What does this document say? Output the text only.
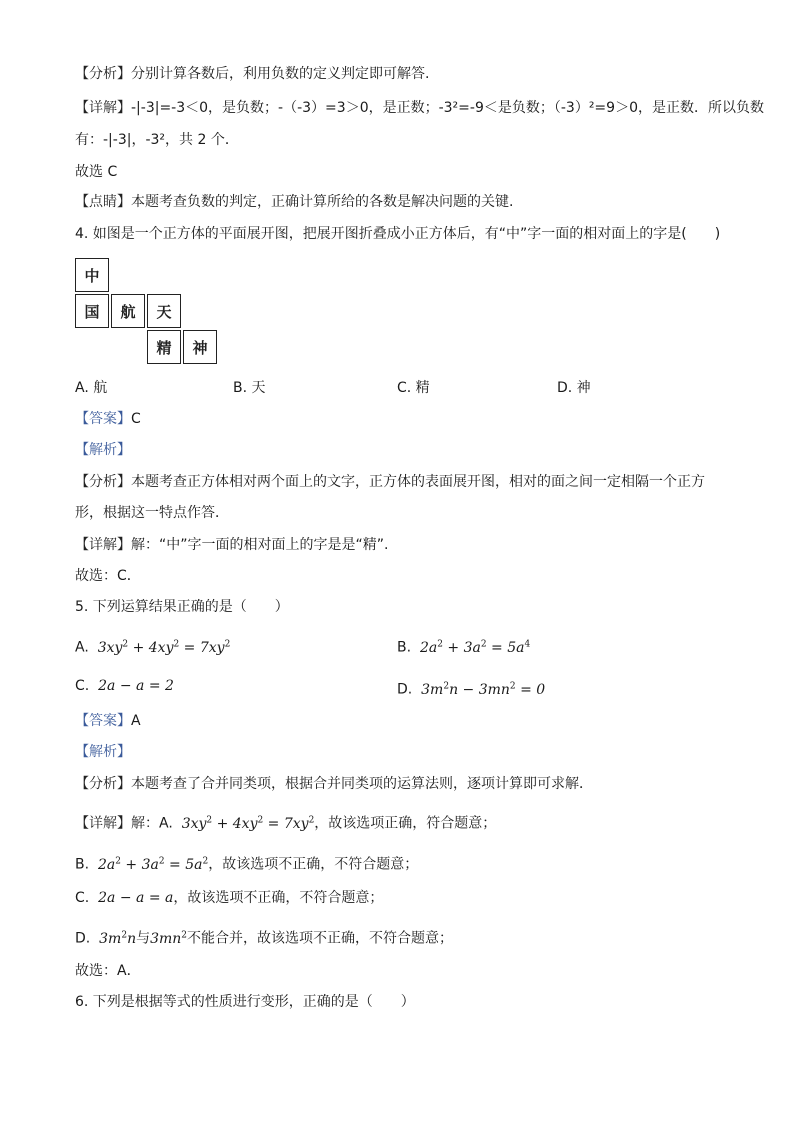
【分析】分别计算各数后，利用负数的定义判定即可解答.
【详解】-|-3|=-3＜0，是负数；-（-3）=3＞0，是正数；-3²=-9＜是负数；（-3）²=9＞0，是正数．所以负数
有：-|-3|，-3²，共 2 个．
故选 C
【点睛】本题考查负数的判定，正确计算所给的各数是解决问题的关键.
4. 如图是一个正方体的平面展开图，把展开图折叠成小正方体后，有“中”字一面的相对面上的字是(　　)
中
国	航	天
精	神
A. 航	B. 天	C. 精	D. 神
【答案】C
【解析】
【分析】本题考查正方体相对两个面上的文字，正方体的表面展开图，相对的面之间一定相隔一个正方
形，根据这一特点作答．
【详解】解：“中”字一面的相对面上的字是是“精”.
故选：C．
5. 下列运算结果正确的是（　　）
A. $3xy^2 + 4xy^2 = 7xy^2$	B. $2a^2 + 3a^2 = 5a^4$
C. 2a − a = 2	D. $3m^2n - 3mn^2 = 0$
【答案】A
【解析】
【分析】本题考查了合并同类项，根据合并同类项的运算法则，逐项计算即可求解．
【详解】解：A. $3xy^2 + 4xy^2 = 7xy^2$，故该选项正确，符合题意；
B. $2a^2 + 3a^2 = 5a^2$，故该选项不正确，不符合题意；
C. 2a − a = a，故该选项不正确，不符合题意；
D. $3m^2n$与$3mn^2$不能合并，故该选项不正确，不符合题意；
故选：A．
6. 下列是根据等式的性质进行变形，正确的是（　　）
